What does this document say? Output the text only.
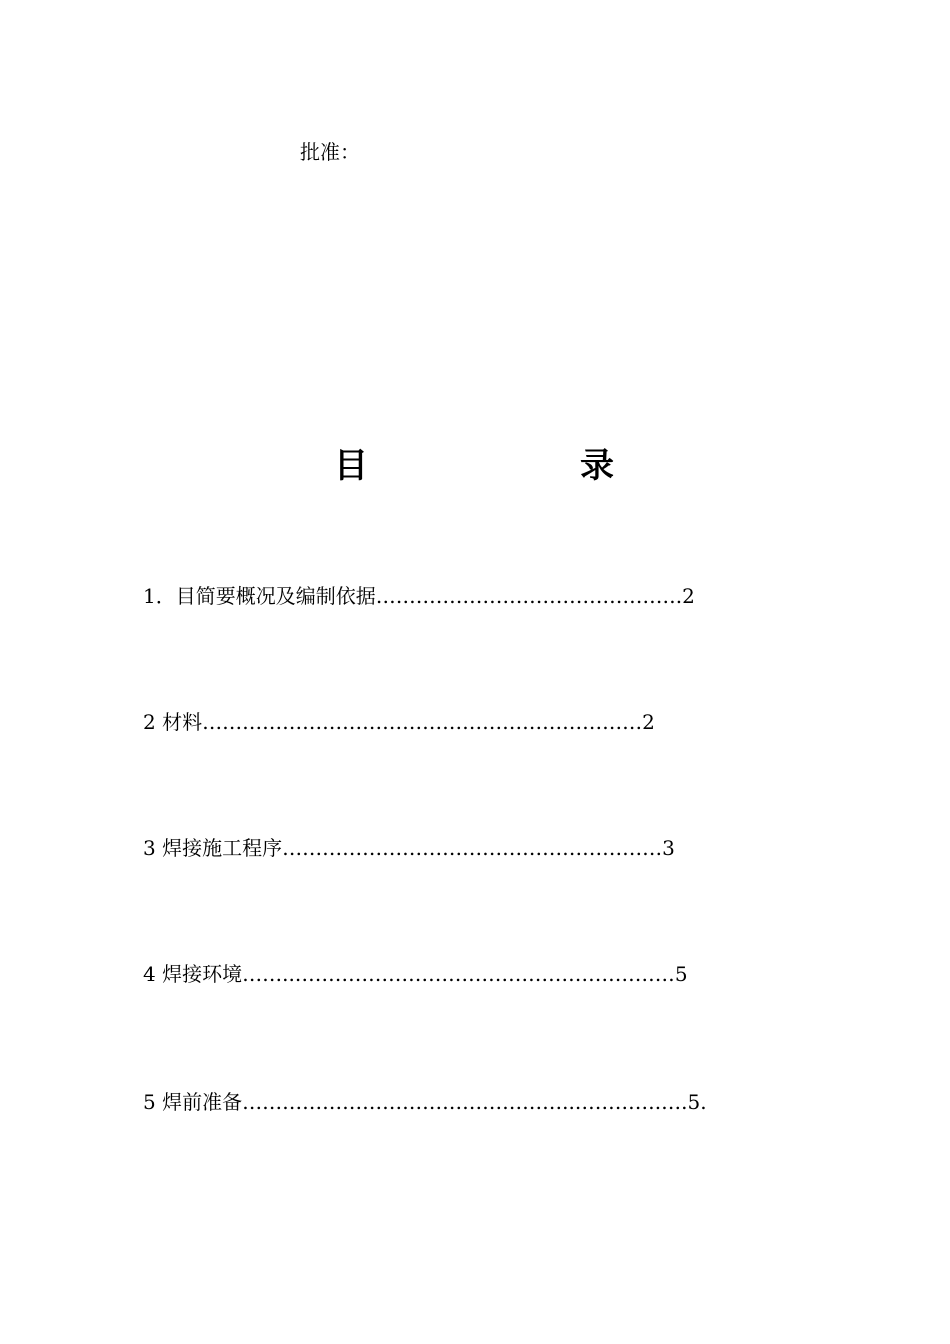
批准：
目	录
1．目简要概况及编制依据……………………………………….2
2 材料…………………………………………………………2
3 焊接施工程序…………………………………………………3
4 焊接环境……..…………………………………………………5
5 焊前准备…………………………………………..………….….5.
